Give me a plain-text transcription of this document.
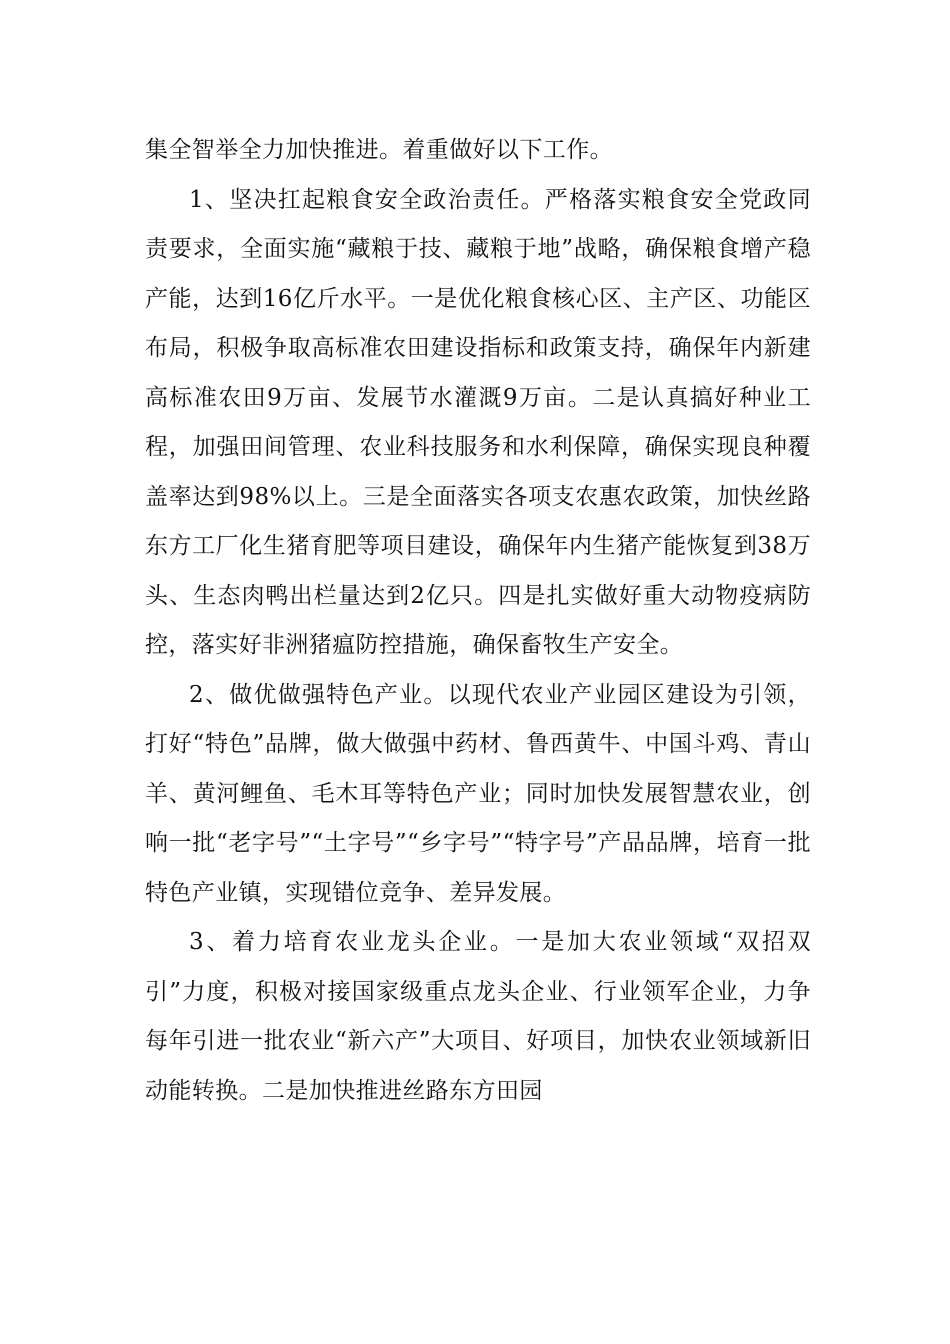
集全智举全力加快推进。着重做好以下工作。

1、坚决扛起粮食安全政治责任。严格落实粮食安全党政同责要求，全面实施“藏粮于技、藏粮于地”战略，确保粮食增产稳产能，达到16亿斤水平。一是优化粮食核心区、主产区、功能区布局，积极争取高标准农田建设指标和政策支持，确保年内新建高标准农田9万亩、发展节水灌溉9万亩。二是认真搞好种业工程，加强田间管理、农业科技服务和水利保障，确保实现良种覆盖率达到98%以上。三是全面落实各项支农惠农政策，加快丝路东方工厂化生猪育肥等项目建设，确保年内生猪产能恢复到38万头、生态肉鸭出栏量达到2亿只。四是扎实做好重大动物疫病防控，落实好非洲猪瘟防控措施，确保畜牧生产安全。

2、做优做强特色产业。以现代农业产业园区建设为引领，打好“特色”品牌，做大做强中药材、鲁西黄牛、中国斗鸡、青山羊、黄河鲤鱼、毛木耳等特色产业；同时加快发展智慧农业，创响一批“老字号”“土字号”“乡字号”“特字号”产品品牌，培育一批特色产业镇，实现错位竞争、差异发展。

3、着力培育农业龙头企业。一是加大农业领域“双招双引”力度，积极对接国家级重点龙头企业、行业领军企业，力争每年引进一批农业“新六产”大项目、好项目，加快农业领域新旧动能转换。二是加快推进丝路东方田园
